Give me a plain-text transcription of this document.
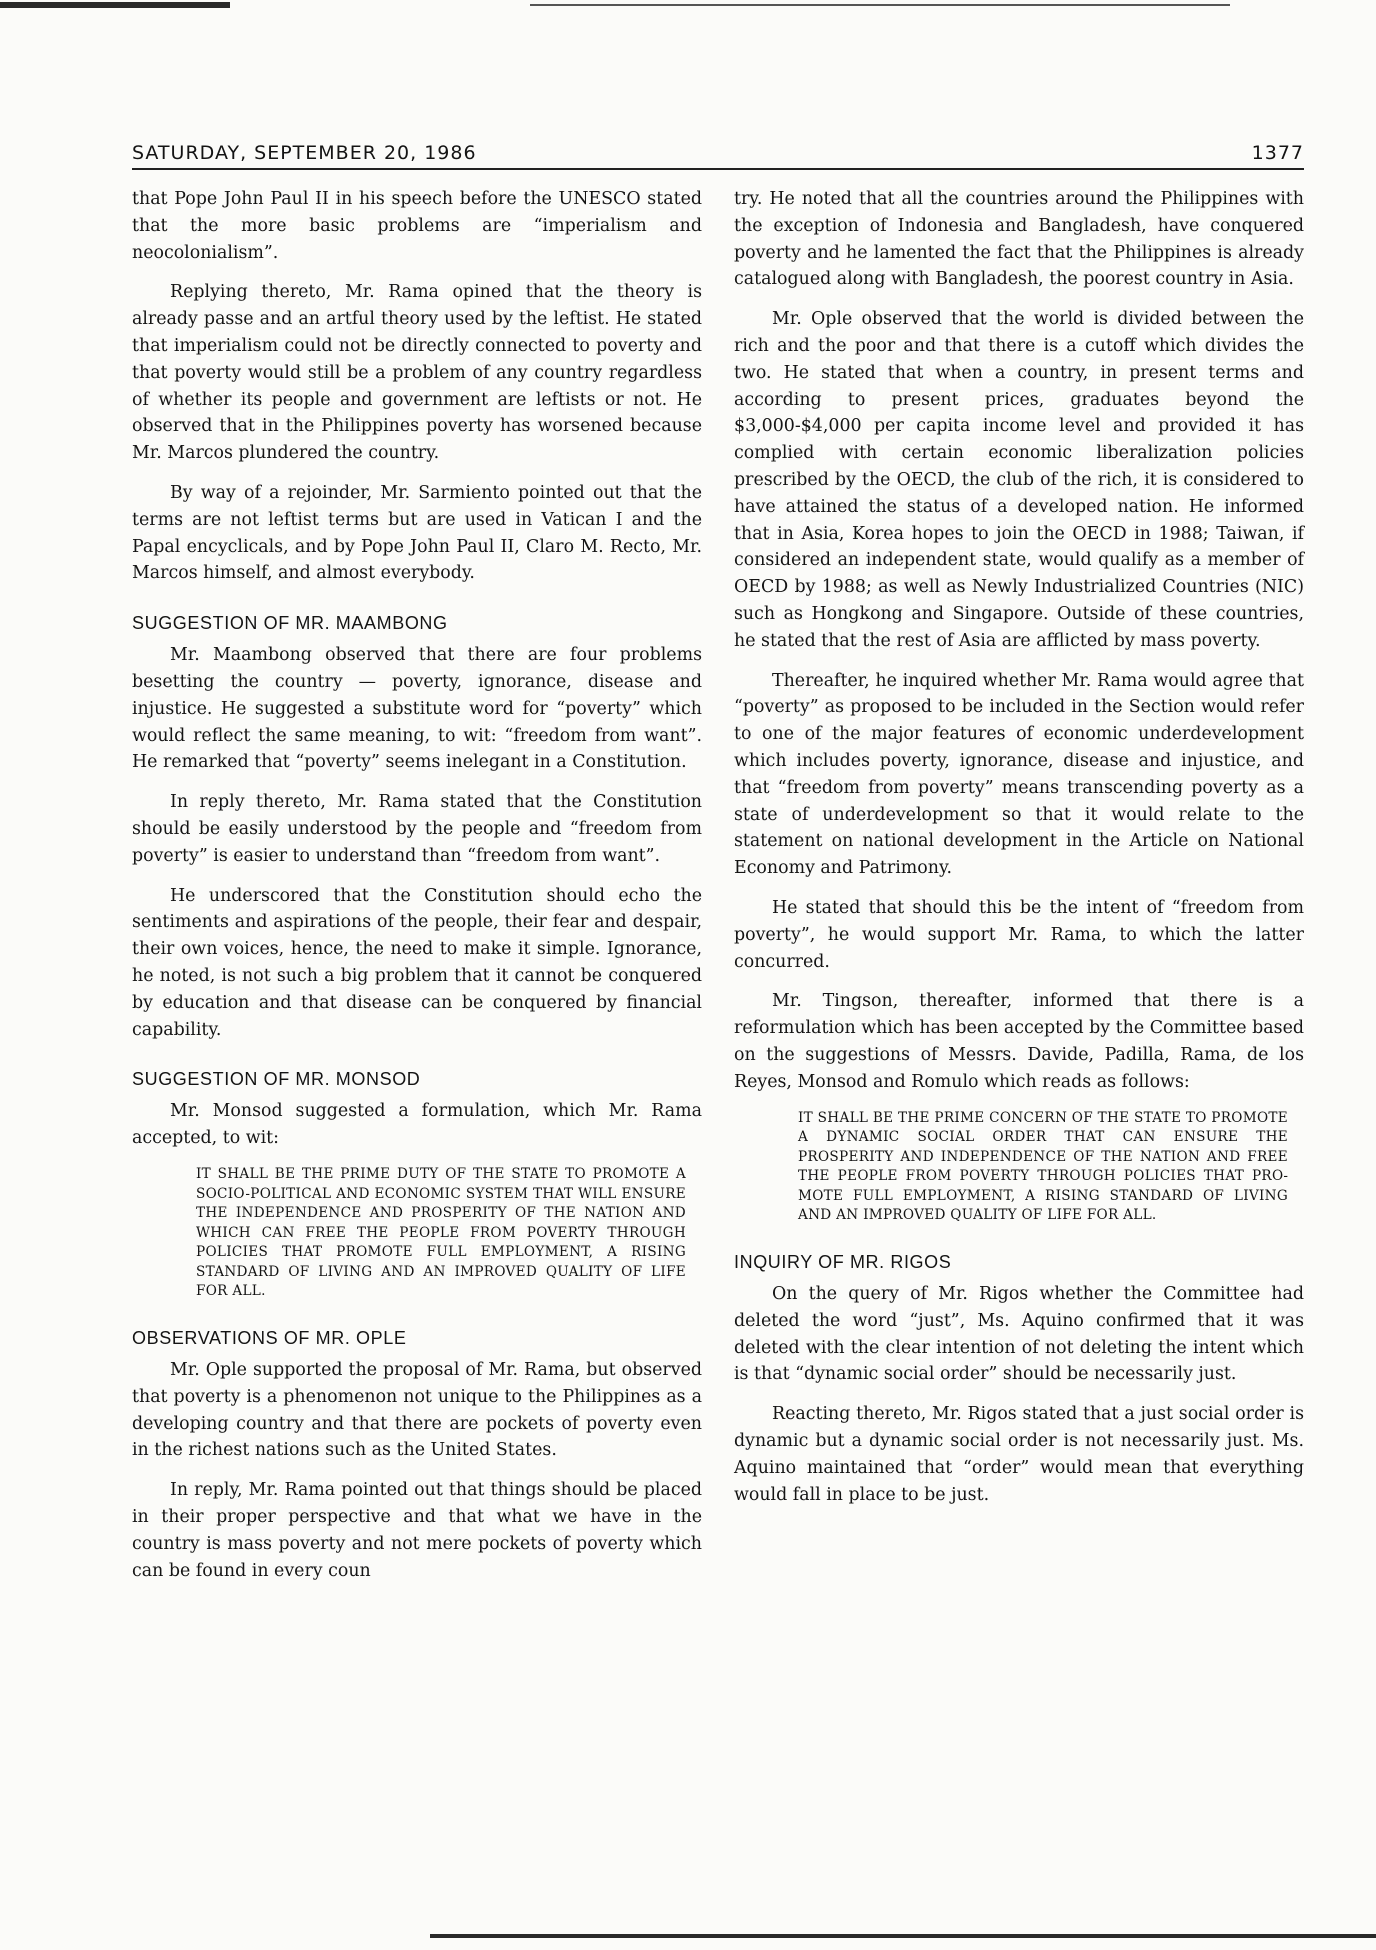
SATURDAY, SEPTEMBER 20, 1986	1377

that Pope John Paul II in his speech before the UNESCO stated that the more basic problems are “imperialism and neocolonialism”.

Replying thereto, Mr. Rama opined that the theory is already passe and an artful theory used by the leftist. He stated that imperialism could not be directly connected to poverty and that poverty would still be a problem of any country regardless of whether its people and government are leftists or not. He observed that in the Philippines poverty has worsened because Mr. Marcos plundered the country.

By way of a rejoinder, Mr. Sarmiento pointed out that the terms are not leftist terms but are used in Vatican I and the Papal encyclicals, and by Pope John Paul II, Claro M. Recto, Mr. Marcos himself, and almost everybody.

SUGGESTION OF MR. MAAMBONG

Mr. Maambong observed that there are four problems besetting the country — poverty, ignorance, disease and injustice. He suggested a substitute word for “poverty” which would reflect the same meaning, to wit: “freedom from want”. He remarked that “poverty” seems inelegant in a Constitution.

In reply thereto, Mr. Rama stated that the Constitution should be easily understood by the people and “freedom from poverty” is easier to understand than “freedom from want”.

He underscored that the Constitution should echo the sentiments and aspirations of the people, their fear and despair, their own voices, hence, the need to make it simple. Ignorance, he noted, is not such a big problem that it cannot be conquered by education and that disease can be conquered by financial capability.

SUGGESTION OF MR. MONSOD

Mr. Monsod suggested a formulation, which Mr. Rama accepted, to wit:

IT SHALL BE THE PRIME DUTY OF THE STATE TO PROMOTE A SOCIO-POLITICAL AND ECONOMIC SYSTEM THAT WILL ENSURE THE INDEPENDENCE AND PROSPERITY OF THE NATION AND WHICH CAN FREE THE PEOPLE FROM POVERTY THROUGH POLICIES THAT PROMOTE FULL EMPLOYMENT, A RISING STANDARD OF LIVING AND AN IMPROVED QUALITY OF LIFE FOR ALL.
OBSERVATIONS OF MR. OPLE

Mr. Ople supported the proposal of Mr. Rama, but observed that poverty is a phenomenon not unique to the Philippines as a developing country and that there are pockets of poverty even in the richest nations such as the United States.

In reply, Mr. Rama pointed out that things should be placed in their proper perspective and that what we have in the country is mass poverty and not mere pockets of poverty which can be found in every coun

try. He noted that all the countries around the Philippines with the exception of Indonesia and Bangladesh, have conquered poverty and he lamented the fact that the Philippines is already catalogued along with Bangladesh, the poorest country in Asia.

Mr. Ople observed that the world is divided between the rich and the poor and that there is a cutoff which divides the two. He stated that when a country, in present terms and according to present prices, graduates beyond the $3,000-$4,000 per capita income level and provided it has complied with certain economic liberalization policies prescribed by the OECD, the club of the rich, it is considered to have attained the status of a developed nation. He informed that in Asia, Korea hopes to join the OECD in 1988; Taiwan, if considered an independent state, would qualify as a member of OECD by 1988; as well as Newly Industrialized Countries (NIC) such as Hongkong and Singapore. Outside of these countries, he stated that the rest of Asia are afflicted by mass poverty.

Thereafter, he inquired whether Mr. Rama would agree that “poverty” as proposed to be included in the Section would refer to one of the major features of economic underdevelopment which includes poverty, ignorance, disease and injustice, and that “freedom from poverty” means transcending poverty as a state of underdevelopment so that it would relate to the statement on national development in the Article on National Economy and Patrimony.

He stated that should this be the intent of “freedom from poverty”, he would support Mr. Rama, to which the latter concurred.

Mr. Tingson, thereafter, informed that there is a reformulation which has been accepted by the Committee based on the suggestions of Messrs. Davide, Padilla, Rama, de los Reyes, Monsod and Romulo which reads as follows:

IT SHALL BE THE PRIME CONCERN OF THE STATE TO PROMOTE A DYNAMIC SOCIAL ORDER THAT CAN ENSURE THE PROSPERITY AND INDEPENDENCE OF THE NATION AND FREE THE PEOPLE FROM POVERTY THROUGH POLICIES THAT PROMOTE FULL EMPLOYMENT, A RISING STANDARD OF LIVING AND AN IMPROVED QUALITY OF LIFE FOR ALL.
INQUIRY OF MR. RIGOS

On the query of Mr. Rigos whether the Committee had deleted the word “just”, Ms. Aquino confirmed that it was deleted with the clear intention of not deleting the intent which is that “dynamic social order” should be necessarily just.

Reacting thereto, Mr. Rigos stated that a just social order is dynamic but a dynamic social order is not necessarily just. Ms. Aquino maintained that “order” would mean that everything would fall in place to be just.
